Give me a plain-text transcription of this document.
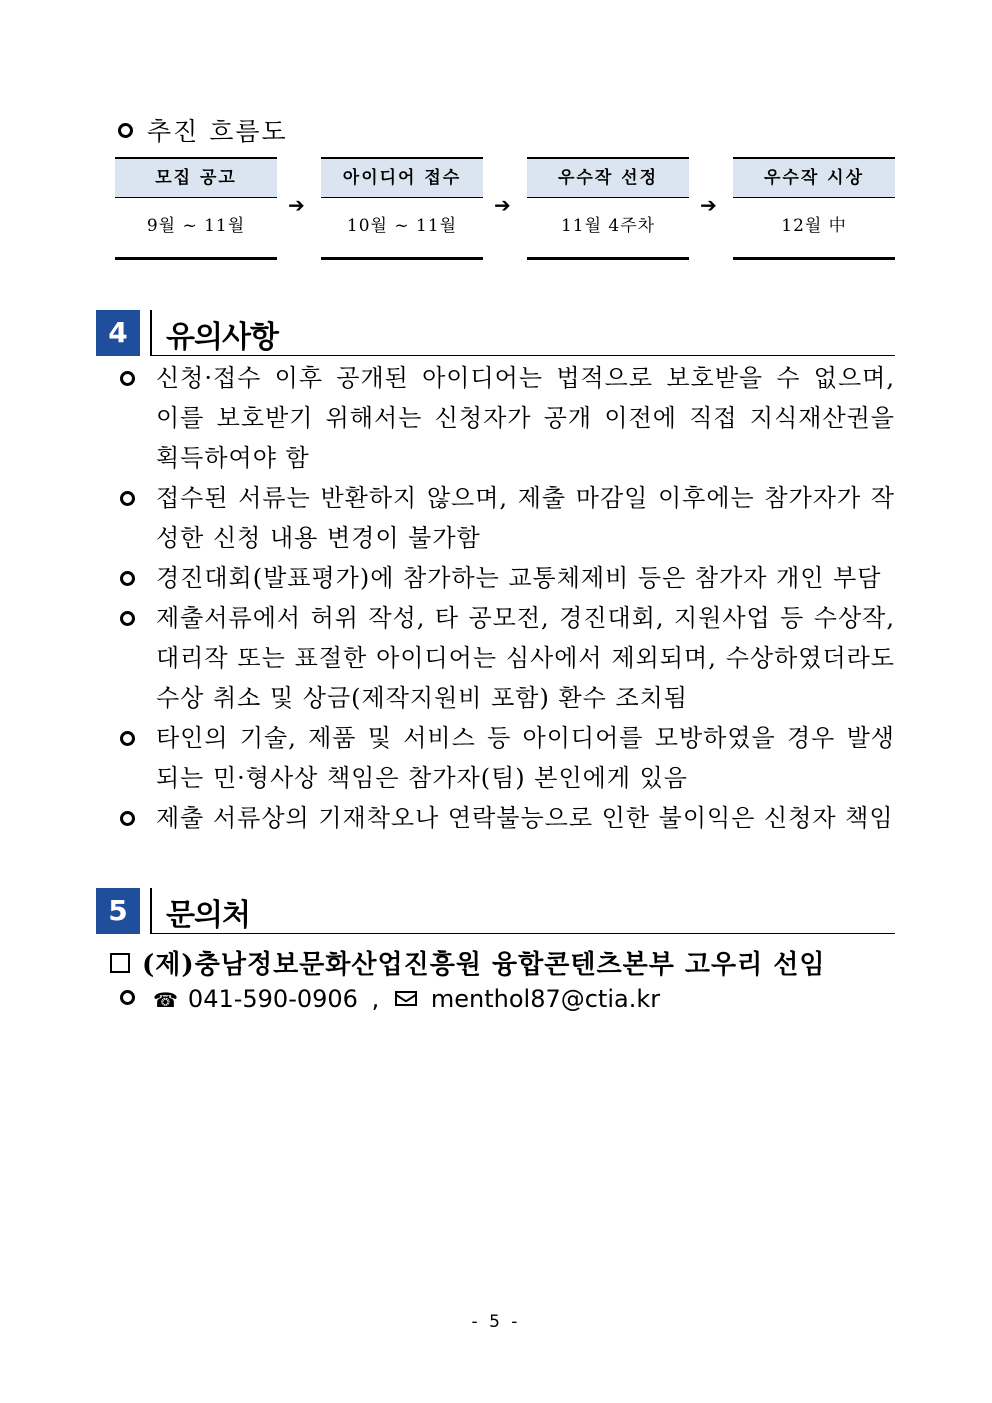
추진 흐름도
모집 공고
9월 ~ 11월
➔
아이디어 접수
10월 ~ 11월
➔
우수작 선정
11월 4주차
➔
우수작 시상
12월 中
4	유의사항
신청·접수 이후 공개된 아이디어는 법적으로 보호받을 수 없으며, 이를 보호받기 위해서는 신청자가 공개 이전에 직접 지식재산권을 획득하여야 함
접수된 서류는 반환하지 않으며, 제출 마감일 이후에는 참가자가 작성한 신청 내용 변경이 불가함
경진대회(발표평가)에 참가하는 교통체제비 등은 참가자 개인 부담
제출서류에서 허위 작성, 타 공모전, 경진대회, 지원사업 등 수상작, 대리작 또는 표절한 아이디어는 심사에서 제외되며, 수상하였더라도 수상 취소 및 상금(제작지원비 포함) 환수 조치됨
타인의 기술, 제품 및 서비스 등 아이디어를 모방하였을 경우 발생되는 민·형사상 책임은 참가자(팀) 본인에게 있음
제출 서류상의 기재착오나 연락불능으로 인한 불이익은 신청자 책임
5	문의처
(제)충남정보문화산업진흥원 융합콘텐츠본부 고우리 선임
☎ 041-590-0906 , menthol87@ctia.kr
- 5 -
